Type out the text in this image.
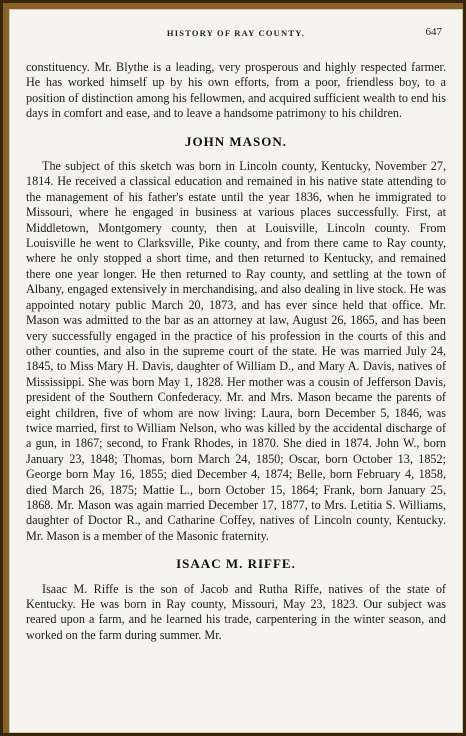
HISTORY OF RAY COUNTY.	647

constituency. Mr. Blythe is a leading, very prosperous and highly respected farmer. He has worked himself up by his own efforts, from a poor, friendless boy, to a position of distinction among his fellowmen, and acquired sufficient wealth to end his days in comfort and ease, and to leave a handsome patrimony to his children.

JOHN MASON.

The subject of this sketch was born in Lincoln county, Kentucky, November 27, 1814. He received a classical education and remained in his native state attending to the management of his father's estate until the year 1836, when he immigrated to Missouri, where he engaged in business at various places successfully. First, at Middletown, Montgomery county, then at Louisville, Lincoln county. From Louisville he went to Clarksville, Pike county, and from there came to Ray county, where he only stopped a short time, and then returned to Kentucky, and remained there one year longer. He then returned to Ray county, and settling at the town of Albany, engaged extensively in merchandising, and also dealing in live stock. He was appointed notary public March 20, 1873, and has ever since held that office. Mr. Mason was admitted to the bar as an attorney at law, August 26, 1865, and has been very successfully engaged in the practice of his profession in the courts of this and other counties, and also in the supreme court of the state. He was married July 24, 1845, to Miss Mary H. Davis, daughter of William D., and Mary A. Davis, natives of Mississippi. She was born May 1, 1828. Her mother was a cousin of Jefferson Davis, president of the Southern Confederacy. Mr. and Mrs. Mason became the parents of eight children, five of whom are now living: Laura, born December 5, 1846, was twice married, first to William Nelson, who was killed by the accidental discharge of a gun, in 1867; second, to Frank Rhodes, in 1870. She died in 1874. John W., born January 23, 1848; Thomas, born March 24, 1850; Oscar, born October 13, 1852; George born May 16, 1855; died December 4, 1874; Belle, born February 4, 1858, died March 26, 1875; Mattie L., born October 15, 1864; Frank, born January 25, 1868. Mr. Mason was again married December 17, 1877, to Mrs. Letitia S. Williams, daughter of Doctor R., and Catharine Coffey, natives of Lincoln county, Kentucky. Mr. Mason is a member of the Masonic fraternity.

ISAAC M. RIFFE.

Isaac M. Riffe is the son of Jacob and Rutha Riffe, natives of the state of Kentucky. He was born in Ray county, Missouri, May 23, 1823. Our subject was reared upon a farm, and he learned his trade, carpentering in the winter season, and worked on the farm during summer. Mr.
